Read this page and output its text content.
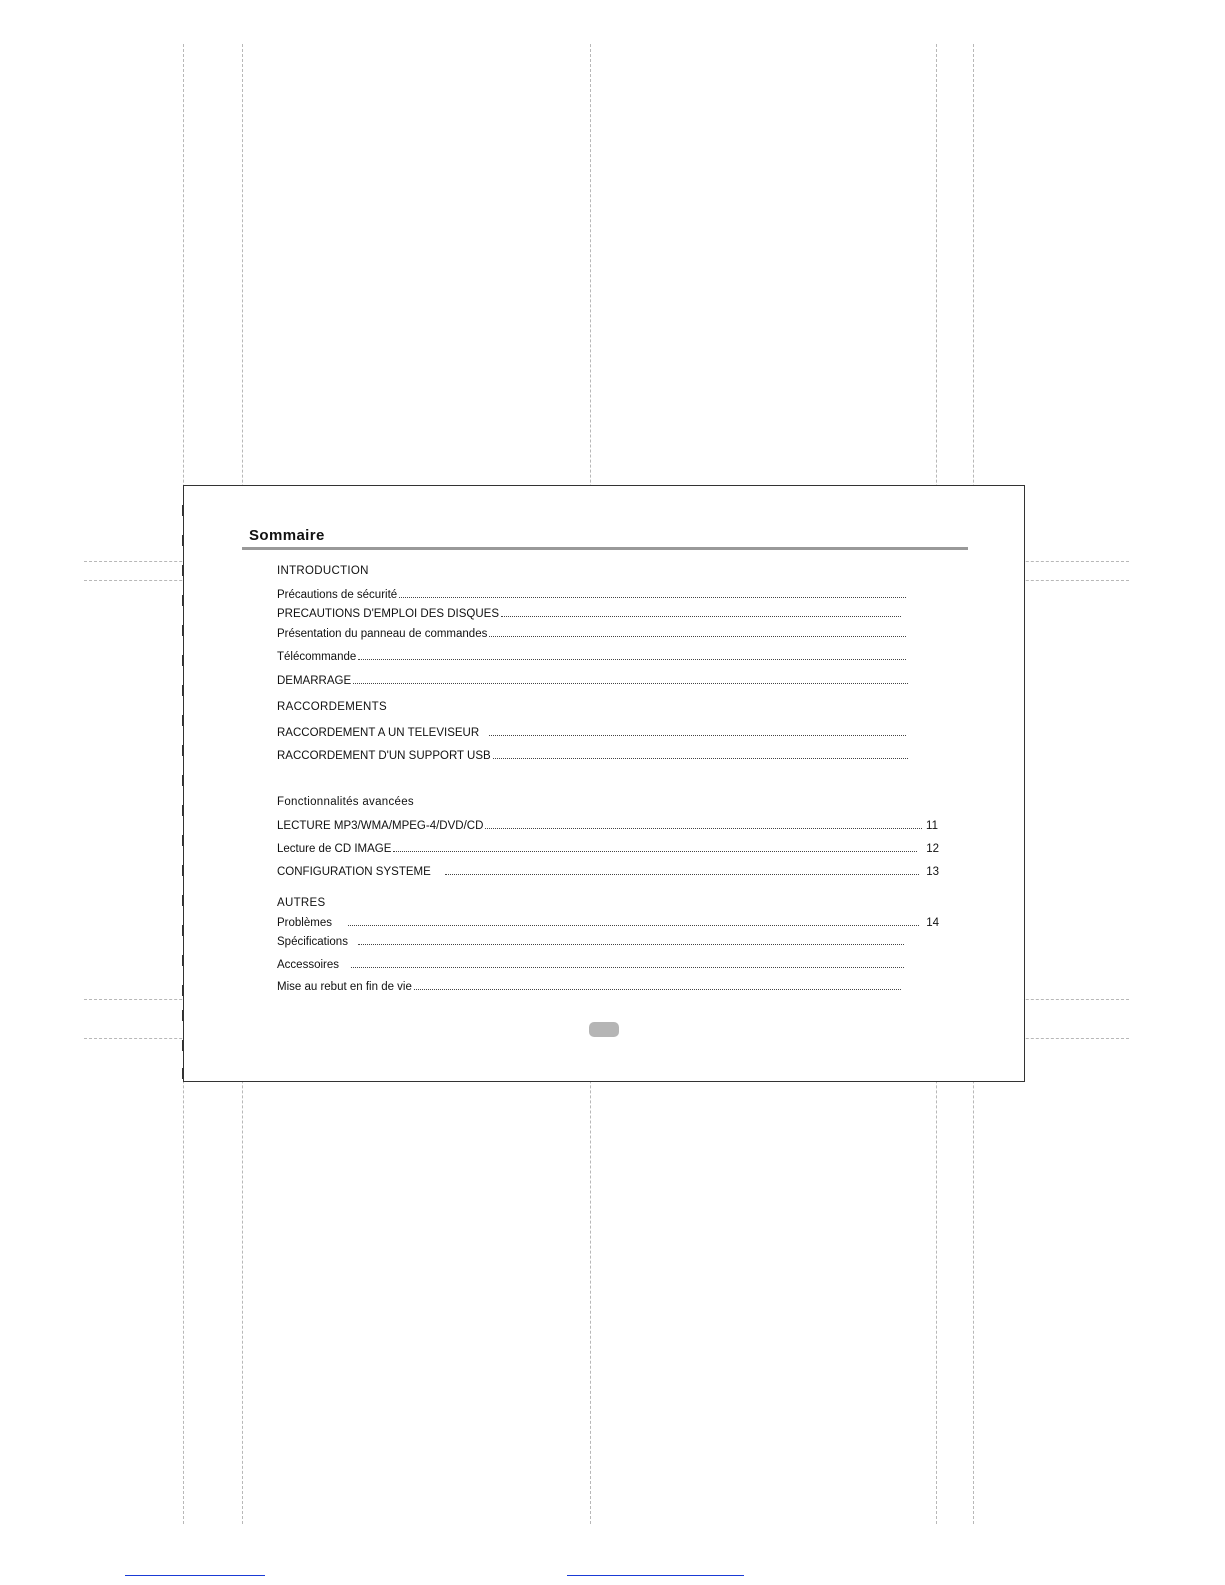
Sommaire
INTRODUCTION
Précautions de sécurité
PRECAUTIONS D'EMPLOI DES DISQUES
Présentation du panneau de commandes
Télécommande
DEMARRAGE
RACCORDEMENTS
RACCORDEMENT A UN TELEVISEUR
RACCORDEMENT D'UN SUPPORT USB
Fonctionnalités avancées
LECTURE MP3/WMA/MPEG-4/DVD/CD	11
Lecture de CD IMAGE	12
CONFIGURATION SYSTEME	13
AUTRES
Problèmes	14
Spécifications
Accessoires
Mise au rebut en fin de vie
